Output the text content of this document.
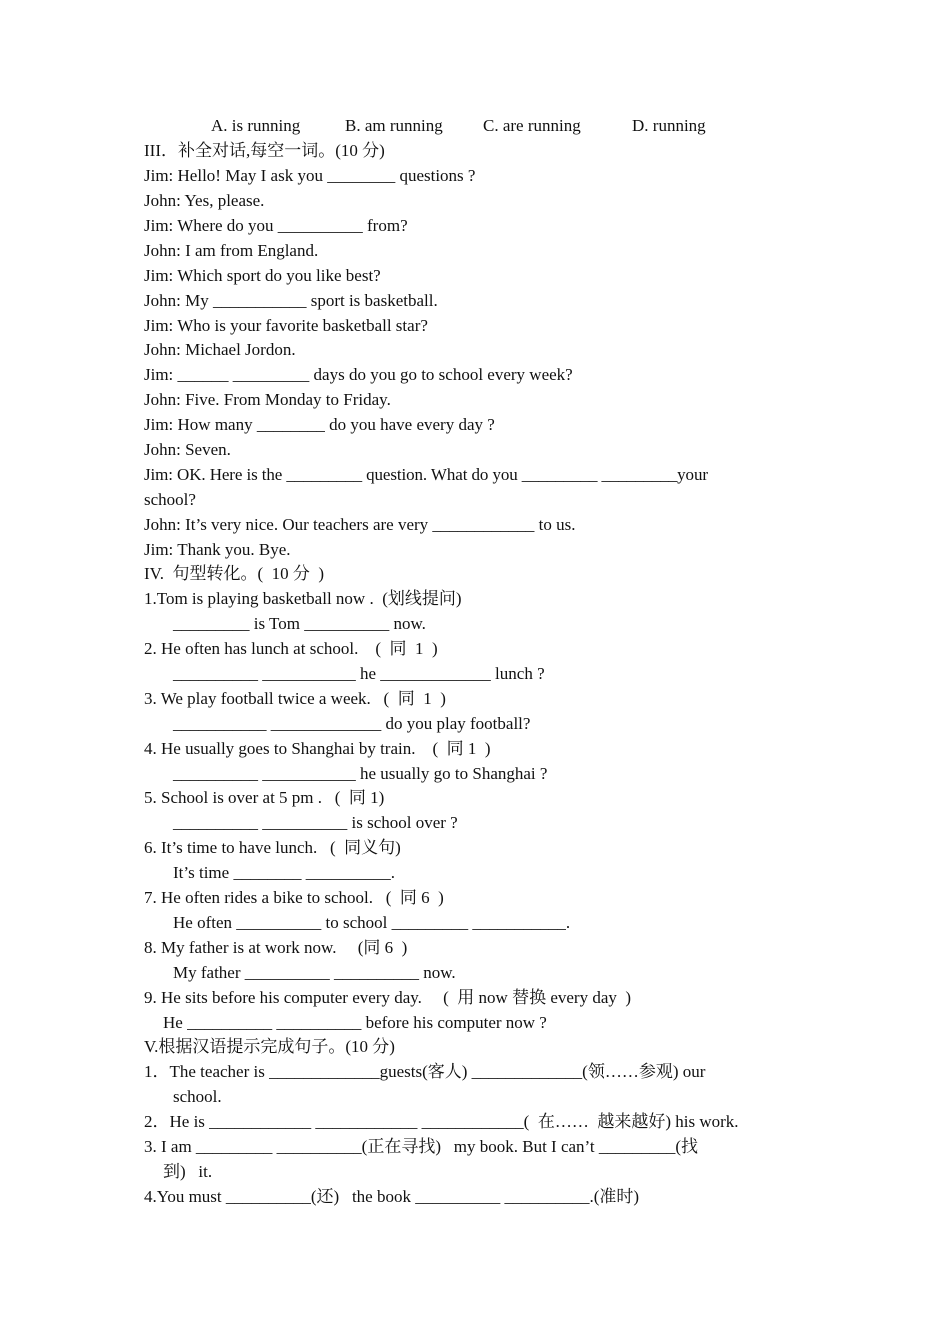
A. is running	B. am running C. are running	D. running
III．补全对话,每空一词。(10 分)
Jim: Hello! May I ask you ________ questions ?
John: Yes, please.
Jim: Where do you __________ from?
John: I am from England.
Jim: Which sport do you like best?
John: My ___________ sport is basketball.
Jim: Who is your favorite basketball star?
John: Michael Jordon.
Jim: ______ _________ days do you go to school every week?
John: Five. From Monday to Friday.
Jim: How many ________ do you have every day ?
John: Seven.
Jim: OK. Here is the _________ question. What do you _________ _________your
school?
John: It’s very nice. Our teachers are very ____________ to us.
Jim: Thank you. Bye.
IV.  句型转化。(  10 分  )
1.Tom is playing basketball now .  (划线提问)
_________ is Tom __________ now.
2. He often has lunch at school.    (  同  1  )
__________ ___________ he _____________ lunch ?
3. We play football twice a week.   (  同  1  )
___________ _____________ do you play football?
4. He usually goes to Shanghai by train.    (  同 1  )
__________ ___________ he usually go to Shanghai ?
5. School is over at 5 pm .   (  同 1)
__________ __________ is school over ?
6. It’s time to have lunch.   (  同义句)
It’s time ________ __________.
7. He often rides a bike to school.   (  同 6  )
He often __________ to school _________ ___________.
8. My father is at work now.     (同 6  )
My father __________ __________ now.
9. He sits before his computer every day.     (  用 now 替换 every day  )
He __________ __________ before his computer now ?
V.根据汉语提示完成句子。(10 分)
1．The teacher is _____________guests(客人) _____________(领……参观) our
school.
2．He is ____________ ____________ ____________(  在……  越来越好) his work.
3. I am _________ __________(正在寻找)   my book. But I can’t _________(找
到)   it.
4.You must __________(还)   the book __________ __________.(准时)
